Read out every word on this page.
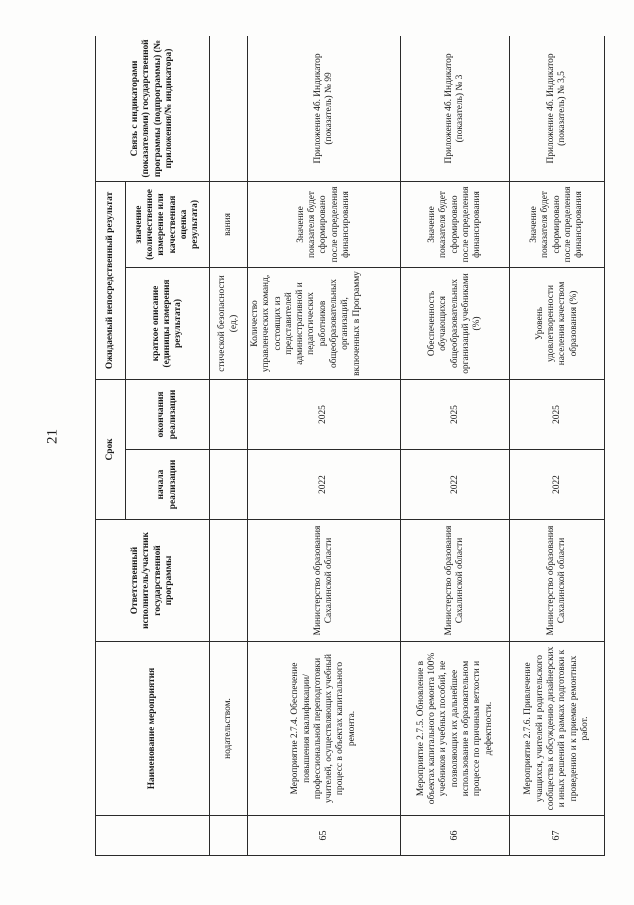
21
	Наименование мероприятия	Ответственный исполнитель/участник государственной программы	Срок		Ожидаемый непосредственный результат		Связь с индикаторами (показателями) государственной программы (подпрограммы) (№ приложения/№ индикатора)
			начала реализации	окончания реализации	краткое описание (единицы измерения результата)	значение (количественное измерение или качественная оценка результата)	
	нодательством.				стической безопасности (ед.)	вания	
65	Мероприятие 2.7.4. Обеспечение повышения квалификации/профессиональной переподготовки учителей, осуществляющих учебный процесс в объектах капитального ремонта.	Министерство образования Сахалинской области	2022	2025	Количество управленческих команд, состоящих из представителей административной и педагогических работников общеобразовательных организаций, включенных в Программу	Значение показателя будет сформировано после определения финансирования	Приложение 4б. Индикатор (показатель) № 99
66	Мероприятие 2.7.5. Обновление в объектах капитального ремонта 100% учебников и учебных пособий, не позволяющих их дальнейшее использование в образовательном процессе по причинам ветхости и дефектности.	Министерство образования Сахалинской области	2022	2025	Обеспеченность обучающихся общеобразовательных организаций учебниками (%)	Значение показателя будет сформировано после определения финансирования	Приложение 4б. Индикатор (показатель) № 3
67	Мероприятие 2.7.6. Привлечение учащихся, учителей и родительского сообщества к обсуждению дизайнерских и иных решений в рамках подготовки к проведению и к приемке ремонтных работ.	Министерство образования Сахалинской области	2022	2025	Уровень удовлетворенности населения качеством образования (%)	Значение показателя будет сформировано после определения финансирования	Приложение 4б. Индикатор (показатель) № 3,5
